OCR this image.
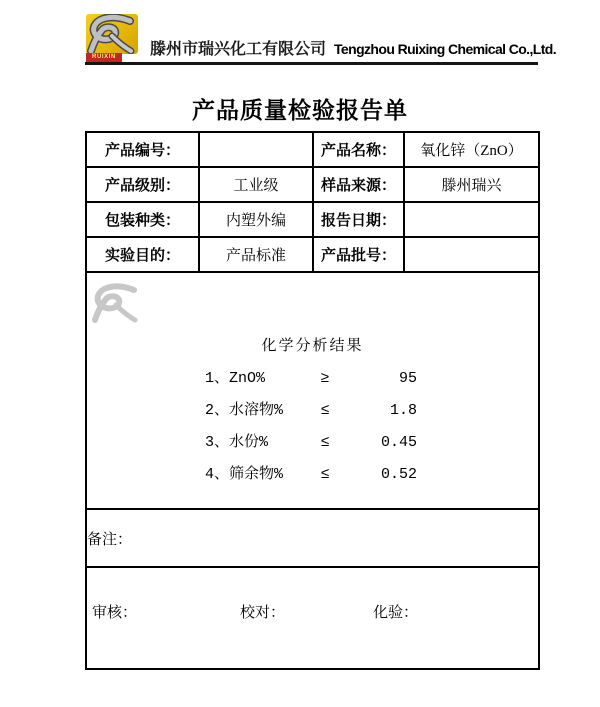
RUIXIN	滕州市瑞兴化工有限公司 Tengzhou Ruixing Chemical Co.,Ltd.
产品质量检验报告单
产品编号：		产品名称：	氧化锌（ZnO）
产品级别：	工业级	样品来源：	滕州瑞兴
包装种类：	内塑外编	报告日期：	
实验目的：	产品标准	产品批号：	

化学分析结果
1、ZnO%	≥	95
2、水溶物%	≤	1.8
3、水份%	≤	0.45
4、筛余物%	≤	0.52

备注：			

审核： 校对： 化验：			
